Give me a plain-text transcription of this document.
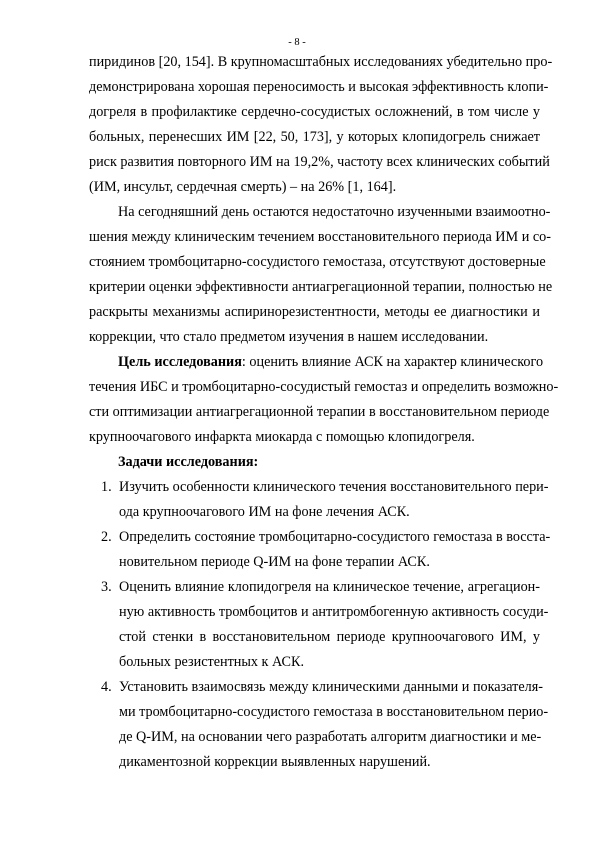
- 8 -
пиридинов [20, 154]. В крупномасштабных исследованиях убедительно про-
демонстрирована хорошая переносимость и высокая эффективность клопи-
догреля в профилактике сердечно-сосудистых осложнений, в том числе у
больных, перенесших ИМ [22, 50, 173], у которых клопидогрель снижает
риск развития повторного ИМ на 19,2%, частоту всех клинических событий
(ИМ, инсульт, сердечная смерть) – на 26% [1, 164].
На сегодняшний день остаются недостаточно изученными взаимоотно-
шения между клиническим течением восстановительного периода ИМ и со-
стоянием тромбоцитарно-сосудистого гемостаза, отсутствуют достоверные
критерии оценки эффективности антиагрегационной терапии, полностью не
раскрыты механизмы аспиринорезистентности, методы ее диагностики и
коррекции, что стало предметом изучения в нашем исследовании.
Цель исследования: оценить влияние АСК на характер клинического
течения ИБС и тромбоцитарно-сосудистый гемостаз и определить возможно-
сти оптимизации антиагрегационной терапии в восстановительном периоде
крупноочагового инфаркта миокарда с помощью клопидогреля.
Задачи исследования:
1. Изучить особенности клинического течения восстановительного пери-
ода крупноочагового ИМ на фоне лечения АСК.
2. Определить состояние тромбоцитарно-сосудистого гемостаза в восста-
новительном периоде Q-ИМ на фоне терапии АСК.
3. Оценить влияние клопидогреля на клиническое течение, агрегацион-
ную активность тромбоцитов и антитромбогенную активность сосуди-
стой стенки в восстановительном периоде крупноочагового ИМ, у
больных резистентных к АСК.
4. Установить взаимосвязь между клиническими данными и показателя-
ми тромбоцитарно-сосудистого гемостаза в восстановительном перио-
де Q-ИМ, на основании чего разработать алгоритм диагностики и ме-
дикаментозной коррекции выявленных нарушений.
